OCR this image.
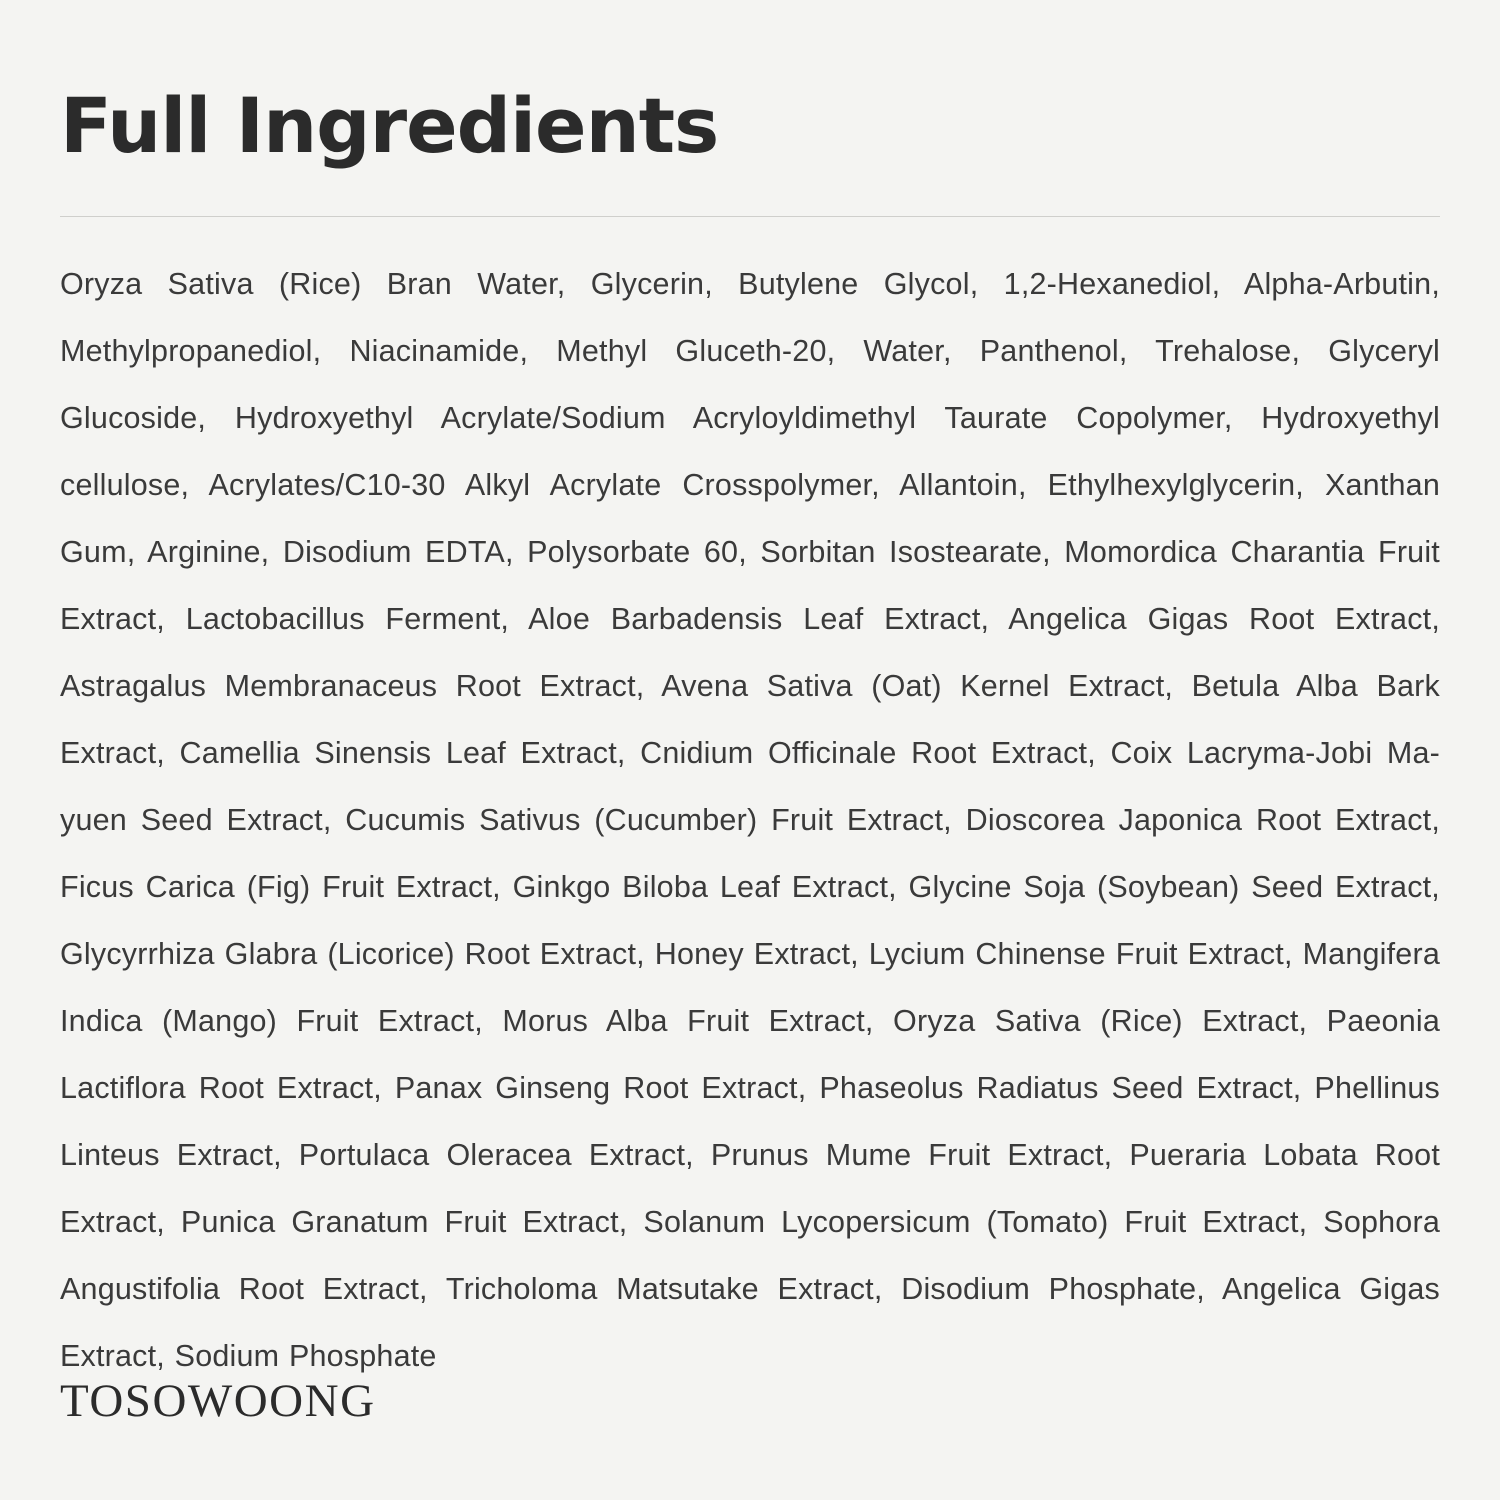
Full Ingredients

Oryza Sativa (Rice) Bran Water, Glycerin, Butylene Glycol, 1,2-Hexanediol, Alpha-Arbutin, Methylpropanediol, Niacinamide, Methyl Gluceth-20, Water, Panthenol, Trehalose, Glyceryl Glucoside, Hydroxyethyl Acrylate/Sodium Acryloyldimethyl Taurate Copolymer, Hydroxyethyl cellulose, Acrylates/C10-30 Alkyl Acrylate Crosspolymer, Allantoin, Ethylhexylglycerin, Xanthan Gum, Arginine, Disodium EDTA, Polysorbate 60, Sorbitan Isostearate, Momordica Charantia Fruit Extract, Lactobacillus Ferment, Aloe Barbadensis Leaf Extract, Angelica Gigas Root Extract, Astragalus Membranaceus Root Extract, Avena Sativa (Oat) Kernel Extract, Betula Alba Bark Extract, Camellia Sinensis Leaf Extract, Cnidium Officinale Root Extract, Coix Lacryma-Jobi Ma-yuen Seed Extract, Cucumis Sativus (Cucumber) Fruit Extract, Dioscorea Japonica Root Extract, Ficus Carica (Fig) Fruit Extract, Ginkgo Biloba Leaf Extract, Glycine Soja (Soybean) Seed Extract, Glycyrrhiza Glabra (Licorice) Root Extract, Honey Extract, Lycium Chinense Fruit Extract, Mangifera Indica (Mango) Fruit Extract, Morus Alba Fruit Extract, Oryza Sativa (Rice) Extract, Paeonia Lactiflora Root Extract, Panax Ginseng Root Extract, Phaseolus Radiatus Seed Extract, Phellinus Linteus Extract, Portulaca Oleracea Extract, Prunus Mume Fruit Extract, Pueraria Lobata Root Extract, Punica Granatum Fruit Extract, Solanum Lycopersicum (Tomato) Fruit Extract, Sophora Angustifolia Root Extract, Tricholoma Matsutake Extract, Disodium Phosphate, Angelica Gigas Extract, Sodium Phosphate

TOSOWOONG
